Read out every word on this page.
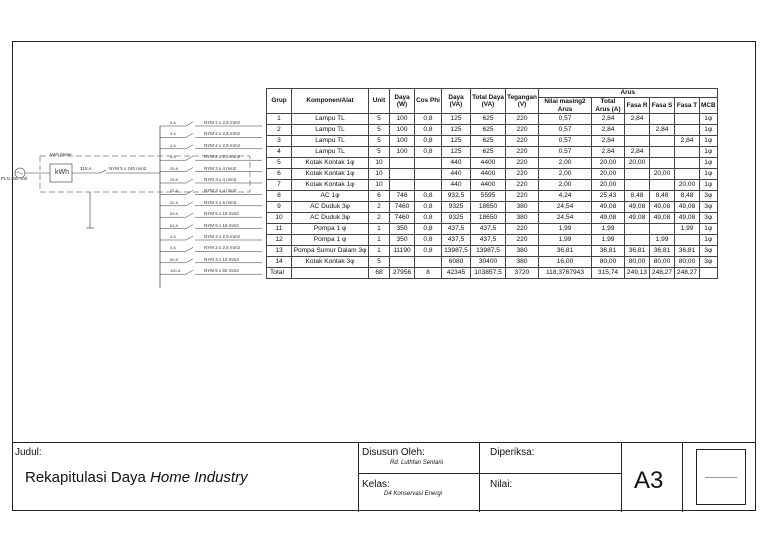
PLN 380 Volt
kWh
kWh Meter
315 A	NYM 5 x 240 mm2
4 A	NYM 2 x 2,5 mm2
4 A	NYM 2 x 2,5 mm2
4 A	NYM 2 x 2,5 mm2
4 A	NYM 2 x 2,5 mm2
25 A	NYM 3 x 4 mm2
25 A	NYM 3 x 4 mm2
25 A	NYM 3 x 4 mm2
32 A	NYM 3 x 6 mm2
63 A	NYM 5 x 16 mm2
63 A	NYM 5 x 16 mm2
4 A	NYM 3 x 2,5 mm2
4 A	NYM 3 x 2,5 mm2
50 A	NYM 3 x 10 mm2
100 A	NYM 5 x 50 mm2
Grup	Komponen/Alat	Unit	Daya (W)	Cos Phi	Daya (VA)	Total Daya (VA)	Tegangan (V)	Arus					
								Nilai masing2 Arus	Total Arus (A)	Fasa R	Fasa S	Fasa T	MCB
1	Lampu TL	5	100	0,8	125	625	220	0,57	2,84	2,84			1φ
2	Lampu TL	5	100	0,8	125	625	220	0,57	2,84		2,84		1φ
3	Lampu TL	5	100	0,8	125	625	220	0,57	2,84			2,84	1φ
4	Lampu TL	5	100	0,8	125	625	220	0,57	2,84	2,84			1φ
5	Kotak Kontak 1φ	10			440	4400	220	2,00	20,00	20,00			1φ
6	Kotak Kontak 1φ	10			440	4400	220	2,00	20,00		20,00		1φ
7	Kotak Kontak 1φ	10			440	4400	220	2,00	20,00			20,00	1φ
8	AC 1φ	6	746	0,8	932,5	5595	220	4,24	25,43	8,48	8,48	8,48	3φ
9	AC Duduk 3φ	2	7460	0,8	9325	18650	380	24,54	49,08	49,08	49,08	49,08	3φ
10	AC Duduk 3φ	2	7460	0,8	9325	18650	380	24,54	49,08	49,08	49,08	49,08	3φ
11	Pompa 1 φ	1	350	0,8	437,5	437,5	220	1,99	1,99			1,99	1φ
12	Pompa 1 φ	1	350	0,8	437,5	437,5	220	1,99	1,99		1,99		1φ
13	Pompa Sumur Dalam 3φ	1	11190	0,8	13987,5	13987,5	380	36,81	36,81	36,81	36,81	36,81	3φ
14	Kotak Kontak 3φ	5			6080	30400	380	16,00	80,00	80,00	80,00	80,00	3φ
Total		68	27956	8	42345	103857,5	3720	118,3767943	315,74	249,13	248,27	248,27	
Judul:
Rekapitulasi Daya Home Industry
Disusun Oleh:
Rd. Luthfan Sentani
Diperiksa:
Kelas:
D4 Konservasi Energi
Nilai:	A3
